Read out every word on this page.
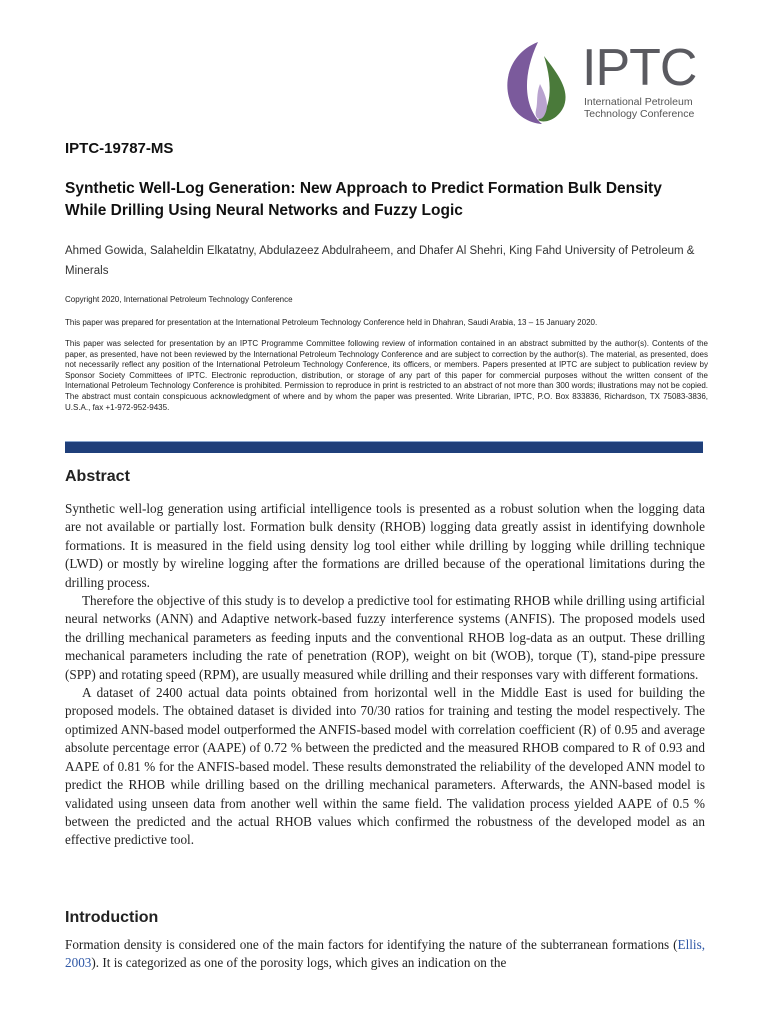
IPTC
International Petroleum Technology Conference
IPTC-19787-MS
Synthetic Well-Log Generation: New Approach to Predict Formation Bulk Density While Drilling Using Neural Networks and Fuzzy Logic
Ahmed Gowida, Salaheldin Elkatatny, Abdulazeez Abdulraheem, and Dhafer Al Shehri, King Fahd University of Petroleum & Minerals
Copyright 2020, International Petroleum Technology Conference
This paper was prepared for presentation at the International Petroleum Technology Conference held in Dhahran, Saudi Arabia, 13 – 15 January 2020.
This paper was selected for presentation by an IPTC Programme Committee following review of information contained in an abstract submitted by the author(s). Contents of the paper, as presented, have not been reviewed by the International Petroleum Technology Conference and are subject to correction by the author(s). The material, as presented, does not necessarily reflect any position of the International Petroleum Technology Conference, its officers, or members. Papers presented at IPTC are subject to publication review by Sponsor Society Committees of IPTC. Electronic reproduction, distribution, or storage of any part of this paper for commercial purposes without the written consent of the International Petroleum Technology Conference is prohibited. Permission to reproduce in print is restricted to an abstract of not more than 300 words; illustrations may not be copied. The abstract must contain conspicuous acknowledgment of where and by whom the paper was presented. Write Librarian, IPTC, P.O. Box 833836, Richardson, TX 75083-3836, U.S.A., fax +1-972-952-9435.
Abstract

Synthetic well-log generation using artificial intelligence tools is presented as a robust solution when the logging data are not available or partially lost. Formation bulk density (RHOB) logging data greatly assist in identifying downhole formations. It is measured in the field using density log tool either while drilling by logging while drilling technique (LWD) or mostly by wireline logging after the formations are drilled because of the operational limitations during the drilling process.

Therefore the objective of this study is to develop a predictive tool for estimating RHOB while drilling using artificial neural networks (ANN) and Adaptive network-based fuzzy interference systems (ANFIS). The proposed models used the drilling mechanical parameters as feeding inputs and the conventional RHOB log-data as an output. These drilling mechanical parameters including the rate of penetration (ROP), weight on bit (WOB), torque (T), stand-pipe pressure (SPP) and rotating speed (RPM), are usually measured while drilling and their responses vary with different formations.

A dataset of 2400 actual data points obtained from horizontal well in the Middle East is used for building the proposed models. The obtained dataset is divided into 70/30 ratios for training and testing the model respectively. The optimized ANN-based model outperformed the ANFIS-based model with correlation coefficient (R) of 0.95 and average absolute percentage error (AAPE) of 0.72 % between the predicted and the measured RHOB compared to R of 0.93 and AAPE of 0.81 % for the ANFIS-based model. These results demonstrated the reliability of the developed ANN model to predict the RHOB while drilling based on the drilling mechanical parameters. Afterwards, the ANN-based model is validated using unseen data from another well within the same field. The validation process yielded AAPE of 0.5 % between the predicted and the actual RHOB values which confirmed the robustness of the developed model as an effective predictive tool.

Introduction

Formation density is considered one of the main factors for identifying the nature of the subterranean formations (Ellis, 2003). It is categorized as one of the porosity logs, which gives an indication on the
